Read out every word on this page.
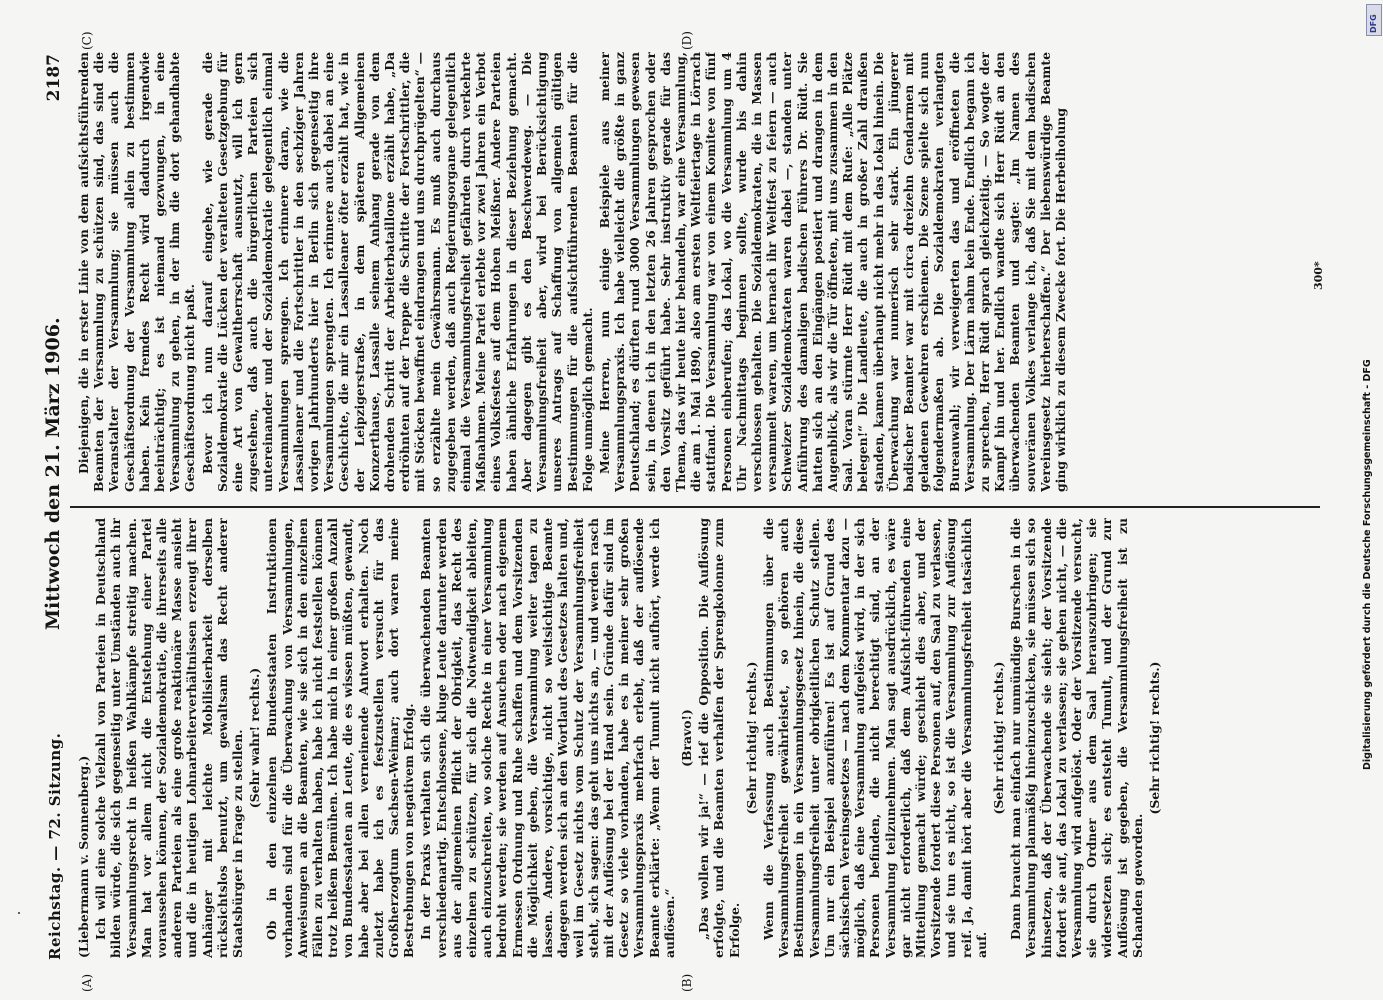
Reichstag. — 72. Sitzung.
Mittwoch den 21. März 1906.
2187
(A)	(B)
(C)	(D)

(Liebermann v. Sonnenberg.) Ich will eine solche Vielzahl von Parteien in Deutschland bilden würde, die sich gegenseitig unter Umständen auch ihr Versammlungsrecht in heißen Wahlkämpfe streitig machen. Man hat vor allem nicht die Entstehung einer Partei voraussehen können, der Sozialdemokratie, die ihrerseits alle anderen Parteien als eine große reaktionäre Masse ansieht und die in heutigen Lohnarbeiterverhältnissen erzeugt ihrer Anhänger mit leichte Mobilisierbarkeit derselben rücksichtslos benutzt, um gewaltsam das Recht anderer Staatsbürger in Frage zu stellen. (Sehr wahr! rechts.) Ob in den einzelnen Bundesstaaten Instruktionen vorhanden sind für die Überwachung von Versammlungen, Anweisungen an die Beamten, wie sie sich in den einzelnen Fällen zu verhalten haben, habe ich nicht feststellen können trotz heißem Bemühen. Ich habe mich in einer großen Anzahl von Bundesstaaten an Leute, die es wissen müßten, gewandt, habe aber bei allen verneinende Antwort erhalten. Noch zuletzt habe ich es festzustellen versucht für das Großherzogtum Sachsen-Weimar; auch dort waren meine Bestrebungen von negativem Erfolg. In der Praxis verhalten sich die überwachenden Beamten verschiedenartig. Entschlossene, kluge Leute darunter werden aus der allgemeinen Pflicht der Obrigkeit, das Recht des einzelnen zu schützen, für sich die Notwendigkeit ableiten, auch einzuschreiten, wo solche Rechte in einer Versammlung bedroht werden; sie werden auf Ansuchen oder nach eigenem Ermessen Ordnung und Ruhe schaffen und dem Vorsitzenden die Möglichkeit geben, die Versammlung weiter tagen zu lassen. Andere, vorsichtige, nicht so weitsichtige Beamte dagegen werden sich an den Wortlaut des Gesetzes halten und, weil im Gesetz nichts vom Schutz der Versammlungsfreiheit steht, sich sagen: das geht uns nichts an, — und werden rasch mit der Auflösung bei der Hand sein. Gründe dafür sind im Gesetz so viele vorhanden, habe es in meiner sehr großen Versammlungspraxis mehrfach erlebt, daß der auflösende Beamte erklärte: „Wenn der Tumult nicht aufhört, werde ich auflösen.“

(Bravo!) „Das wollen wir ja!“ — rief die Opposition. Die Auflösung erfolgte, und die Beamten verhalfen der Sprengkolonne zum Erfolge.

(Sehr richtig! rechts.) Wenn die Verfassung auch Bestimmungen über die Versammlungsfreiheit gewährleistet, so gehören auch Bestimmungen in ein Versammlungsgesetz hinein, die diese Versammlungsfreiheit unter obrigkeitlichen Schutz stellen. Um nur ein Beispiel anzuführen! Es ist auf Grund des sächsischen Vereinsgesetzes — nach dem Kommentar dazu — möglich, daß eine Versammlung aufgelöst wird, in der sich Personen befinden, die nicht berechtigt sind, an der Versammlung teilzunehmen. Man sagt ausdrücklich, es wäre gar nicht erforderlich, daß dem Aufsicht-führenden eine Mitteilung gemacht würde; geschieht dies aber, und der Vorsitzende fordert diese Personen auf, den Saal zu verlassen, und sie tun es nicht, so ist die Versammlung zur Auflösung reif. Ja, damit hört aber die Versammlungsfreiheit tatsächlich auf.

(Sehr richtig! rechts.) Dann braucht man einfach nur unmündige Burschen in die Versammlung planmäßig hineinzuschicken, sie müssen sich so hinsetzen, daß der Überwachende sie sieht; der Vorsitzende fordert sie auf, das Lokal zu verlassen; sie gehen nicht, — die Versammlung wird aufgelöst. Oder der Vorsitzende versucht, sie durch Ordner aus dem Saal herauszubringen; sie widersetzen sich; es entsteht Tumult, und der Grund zur Auflösung ist gegeben, die Versammlungsfreiheit ist zu Schanden geworden.

(Sehr richtig! rechts.)

Diejenigen, die in erster Linie von dem aufsichtsführenden Beamten der Versammlung zu schützen sind, das sind die Veranstalter der Versammlung; sie müssen auch die Geschäftsordnung der Versammlung allein zu bestimmen haben. Kein fremdes Recht wird dadurch irgendwie beeinträchtigt; es ist niemand gezwungen, in eine Versammlung zu gehen, in der ihm die dort gehandhabte Geschäftsordnung nicht paßt. Bevor ich nun darauf eingehe, wie gerade die Sozialdemokratie die Lücken der veralteten Gesetzgebung für eine Art von Gewaltherrschaft ausnutzt, will ich gern zugestehen, daß auch die bürgerlichen Parteien sich untereinander und der Sozialdemokratie gelegentlich einmal Versammlungen sprengen. Ich erinnere daran, wie die Lassalleaner und die Fortschrittler in den sechziger Jahren vorigen Jahrhunderts hier in Berlin sich gegenseitig ihre Versammlungen sprengten. Ich erinnere auch dabei an eine Geschichte, die mir ein Lassalleaner öfter erzählt hat, wie in der Leipzigerstraße, in dem späteren Allgemeinen Konzerthause, Lassalle seinem Anhang gerade von dem drohenden Schritt der Arbeiterbataillone erzählt habe, „Da erdröhnten auf der Treppe die Schritte der Fortschrittler, die mit Stöcken bewaffnet eindrangen und uns durchprügelten“ — so erzählte mein Gewährsmann. Es muß auch durchaus zugegeben werden, daß auch Regierungsorgane gelegentlich einmal die Versammlungsfreiheit gefährden durch verkehrte Maßnahmen. Meine Partei erlebte vor zwei Jahren ein Verbot eines Volksfestes auf dem Hohen Meißner. Andere Parteien haben ähnliche Erfahrungen in dieser Beziehung gemacht. Aber dagegen gibt es den Beschwerdeweg. — Die Versammlungsfreiheit aber, wird bei Berücksichtigung unseres Antrags auf Schaffung von allgemein gültigen Bestimmungen für die aufsichtführenden Beamten für die Folge unmöglich gemacht. Meine Herren, nun einige Beispiele aus meiner Versammlungspraxis. Ich habe vielleicht die größte in ganz Deutschland; es dürften rund 3000 Versammlungen gewesen sein, in denen ich in den letzten 26 Jahren gesprochen oder den Vorsitz geführt habe. Sehr instruktiv gerade für das Thema, das wir heute hier behandeln, war eine Versammlung, die am 1. Mai 1890, also am ersten Weltfeiertage in Lörrach stattfand. Die Versammlung war von einem Komitee von fünf Personen einberufen; das Lokal, wo die Versammlung um 4 Uhr Nachmittags beginnen sollte, wurde bis dahin verschlossen gehalten. Die Sozialdemokraten, die in Massen versammelt waren, um hernach ihr Weltfest zu feiern — auch Schweizer Sozialdemokraten waren dabei —, standen unter Anführung des damaligen badischen Führers Dr. Rüdt. Sie hatten sich an den Eingängen postiert und drangen in dem Augenblick, als wir die Tür öffneten, mit uns zusammen in den Saal. Voran stürmte Herr Rüdt mit dem Rufe: „Alle Plätze belegen!“ Die Landleute, die auch in großer Zahl draußen standen, kamen überhaupt nicht mehr in das Lokal hinein. Die Überwachung war numerisch sehr stark. Ein jüngerer badischer Beamter war mit circa dreizehn Gendarmen mit geladenen Gewehren erschienen. Die Szene spielte sich nun folgendermaßen ab. Die Sozialdemokraten verlangten Bureauwahl; wir verweigerten das und eröffneten die Versammlung. Der Lärm nahm kein Ende. Endlich begann ich zu sprechen, Herr Rüdt sprach gleichzeitig. — So wogte der Kampf hin und her. Endlich wandte sich Herr Rüdt an den überwachenden Beamten und sagte: „Im Namen des souveränen Volkes verlange ich, daß Sie mit dem badischen Vereinsgesetz hierherschaffen.“ Der liebenswürdige Beamte ging wirklich zu diesem Zwecke fort. Die Herbeiholung	300*
DFG
Digitalisierung gefördert durch die Deutsche Forschungsgemeinschaft - DFG
